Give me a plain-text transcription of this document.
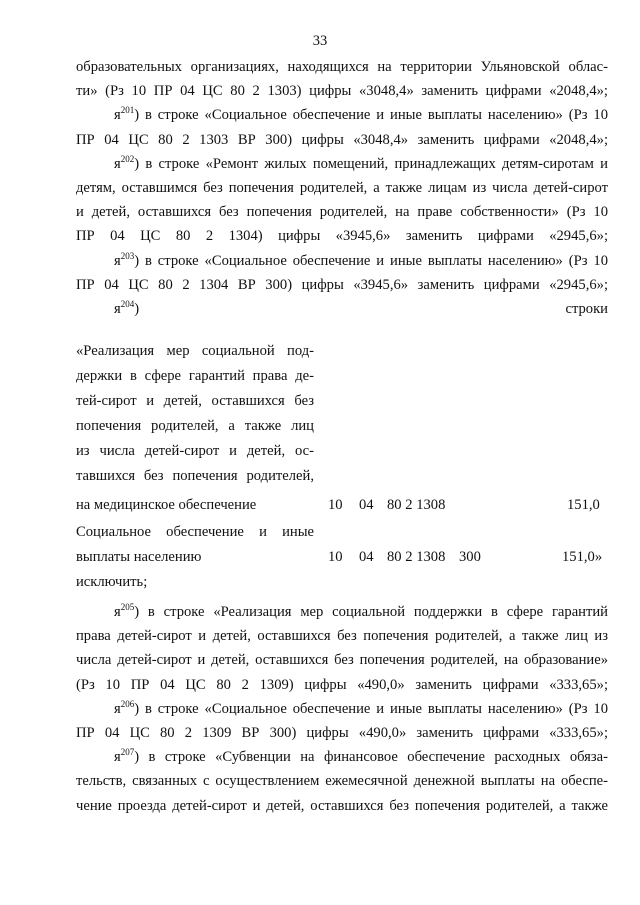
33
образовательных организациях, находящихся на территории Ульяновской облас-
ти» (Рз 10 ПР 04 ЦС 80 2 1303) цифры «3048,4» заменить цифрами «2048,4»;
$я^{201}$) в строке «Социальное обеспечение и иные выплаты населению» (Рз 10
ПР 04 ЦС 80 2 1303 ВР 300) цифры «3048,4» заменить цифрами «2048,4»;
$я^{202}$) в строке «Ремонт жилых помещений, принадлежащих детям-сиротам и
детям, оставшимся без попечения родителей, а также лицам из числа детей-сирот
и детей, оставшихся без попечения родителей, на праве собственности» (Рз 10
ПР 04 ЦС 80 2 1304) цифры «3945,6» заменить цифрами «2945,6»;
$я^{203}$) в строке «Социальное обеспечение и иные выплаты населению» (Рз 10
ПР 04 ЦС 80 2 1304 ВР 300) цифры «3945,6» заменить цифрами «2945,6»;
$я^{204}$) строки
«Реализация мер социальной под-
держки в сфере гарантий права де-
тей-сирот и детей, оставшихся без
попечения родителей, а также лиц
из числа детей-сирот и детей, ос-
тавшихся без попечения родителей,
на медицинское обеспечение	10 04 80 2 1308	151,0
Социальное обеспечение и иные
выплаты населению	10 04 80 2 1308 300	151,0»
исключить;
$я^{205}$) в строке «Реализация мер социальной поддержки в сфере гарантий
права детей-сирот и детей, оставшихся без попечения родителей, а также лиц из
числа детей-сирот и детей, оставшихся без попечения родителей, на образование»
(Рз 10 ПР 04 ЦС 80 2 1309) цифры «490,0» заменить цифрами «333,65»;
$я^{206}$) в строке «Социальное обеспечение и иные выплаты населению» (Рз 10
ПР 04 ЦС 80 2 1309 ВР 300) цифры «490,0» заменить цифрами «333,65»;
$я^{207}$) в строке «Субвенции на финансовое обеспечение расходных обяза-
тельств, связанных с осуществлением ежемесячной денежной выплаты на обеспе-
чение проезда детей-сирот и детей, оставшихся без попечения родителей, а также
